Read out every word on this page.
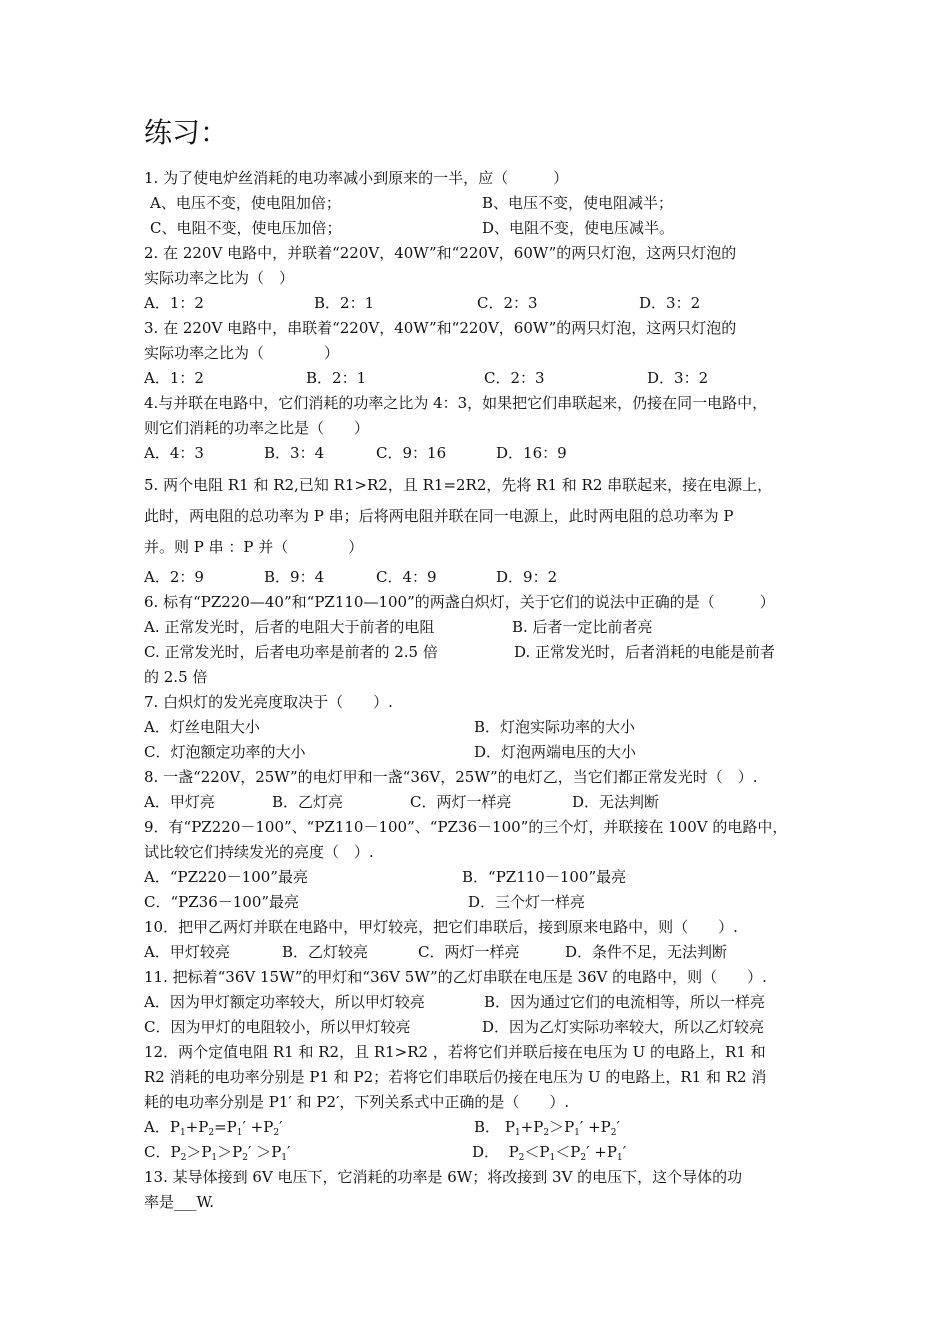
练习：
1. 为了使电炉丝消耗的电功率减小到原来的一半，应（　　　）
A、电压不变，使电阻加倍；	B、电压不变，使电阻减半；
C、电阻不变，使电压加倍；	D、电阻不变，使电压减半。
2. 在 220V 电路中，并联着“220V，40W”和“220V，60W”的两只灯泡，这两只灯泡的
实际功率之比为（　）
A．1：2	B．2：1	C．2：3	D．3：2
3. 在 220V 电路中，串联着“220V，40W”和“220V，60W”的两只灯泡，这两只灯泡的
实际功率之比为（　　　　）
A．1：2	B．2：1	C．2：3	D．3：2
4.与并联在电路中，它们消耗的功率之比为 4：3，如果把它们串联起来，仍接在同一电路中，
则它们消耗的功率之比是（　　）
A．4：3	B．3：4	C．9：16	D．16：9
5. 两个电阻 R1 和 R2,已知 R1>R2，且 R1=2R2，先将 R1 和 R2 串联起来，接在电源上，
此时，两电阻的总功率为 P 串；后将两电阻并联在同一电源上，此时两电阻的总功率为 P
并。则 P 串 ：P 并（　　　　）
A．2：9	B．9：4	C．4：9	D．9：2
6. 标有“PZ220—40”和“PZ110—100”的两盏白炽灯，关于它们的说法中正确的是（　　　）
A. 正常发光时，后者的电阻大于前者的电阻	B. 后者一定比前者亮
C. 正常发光时，后者电功率是前者的 2.5 倍	D. 正常发光时，后者消耗的电能是前者
的 2.5 倍
7. 白炽灯的发光亮度取决于（　　）.
A．灯丝电阻大小	B．灯泡实际功率的大小
C．灯泡额定功率的大小	D．灯泡两端电压的大小
8. 一盏“220V，25W”的电灯甲和一盏“36V，25W”的电灯乙，当它们都正常发光时（　）.
A．甲灯亮	B．乙灯亮	C．两灯一样亮	D．无法判断
9．有“PZ220－100”、“PZ110－100”、“PZ36－100”的三个灯，并联接在 100V 的电路中，
试比较它们持续发光的亮度（　）.
A．“PZ220－100”最亮	B．“PZ110－100”最亮
C．“PZ36－100”最亮	D．三个灯一样亮
10．把甲乙两灯并联在电路中，甲灯较亮，把它们串联后，接到原来电路中，则（　　）.
A．甲灯较亮	B．乙灯较亮	C．两灯一样亮	D．条件不足，无法判断
11. 把标着“36V 15W”的甲灯和“36V 5W”的乙灯串联在电压是 36V 的电路中，则（　　）.
A．因为甲灯额定功率较大，所以甲灯较亮	B．因为通过它们的电流相等，所以一样亮
C．因为甲灯的电阻较小，所以甲灯较亮	D．因为乙灯实际功率较大，所以乙灯较亮
12．两个定值电阻 R1 和 R2，且 R1>R2 ，若将它们并联后接在电压为 U 的电路上，R1 和
R2 消耗的电功率分别是 P1 和 P2；若将它们串联后仍接在电压为 U 的电路上，R1 和 R2 消
耗的电功率分别是 P1′ 和 P2′，下列关系式中正确的是（　　）.
A．$P_1+P_2=P_1' +P_2'$	B． $P_1+P_2>P_1' +P_2'$
C．$P_2>P_1>P_2' >P_1'$	D． $P_2<P_1<P_2' +P_1'$
13. 某导体接到 6V 电压下，它消耗的功率是 6W；将改接到 3V 的电压下，这个导体的功
率是___W.
